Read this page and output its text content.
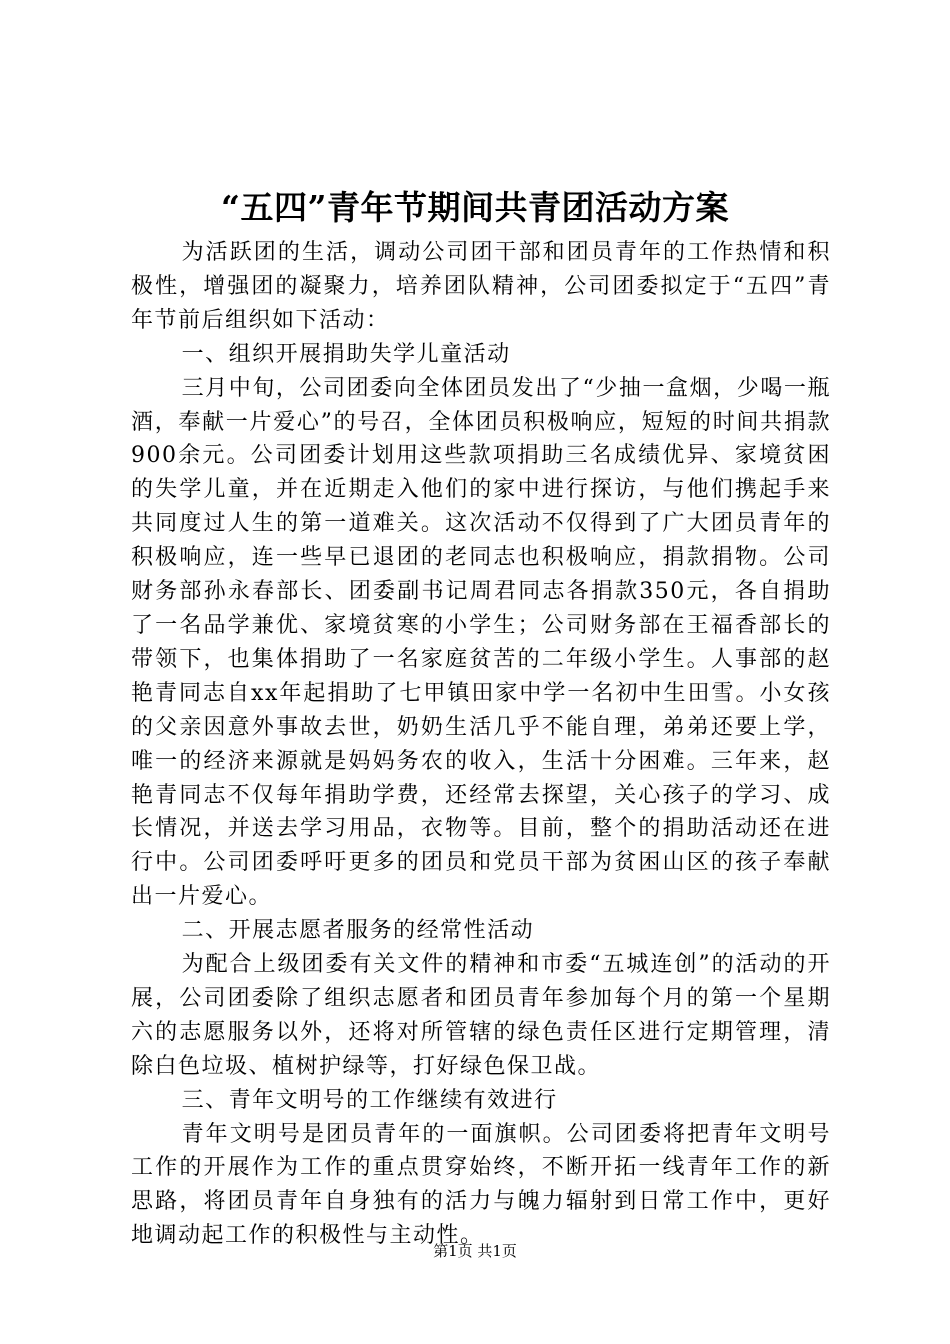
“五四”青年节期间共青团活动方案

为活跃团的生活，调动公司团干部和团员青年的工作热情和积极性，增强团的凝聚力，培养团队精神，公司团委拟定于“五四”青年节前后组织如下活动：

一、组织开展捐助失学儿童活动

三月中旬，公司团委向全体团员发出了“少抽一盒烟，少喝一瓶酒，奉献一片爱心”的号召，全体团员积极响应，短短的时间共捐款900余元。公司团委计划用这些款项捐助三名成绩优异、家境贫困的失学儿童，并在近期走入他们的家中进行探访，与他们携起手来共同度过人生的第一道难关。这次活动不仅得到了广大团员青年的积极响应，连一些早已退团的老同志也积极响应，捐款捐物。公司财务部孙永春部长、团委副书记周君同志各捐款350元，各自捐助了一名品学兼优、家境贫寒的小学生；公司财务部在王福香部长的带领下，也集体捐助了一名家庭贫苦的二年级小学生。人事部的赵艳青同志自xx年起捐助了七甲镇田家中学一名初中生田雪。小女孩的父亲因意外事故去世，奶奶生活几乎不能自理，弟弟还要上学，唯一的经济来源就是妈妈务农的收入，生活十分困难。三年来，赵艳青同志不仅每年捐助学费，还经常去探望，关心孩子的学习、成长情况，并送去学习用品，衣物等。目前，整个的捐助活动还在进行中。公司团委呼吁更多的团员和党员干部为贫困山区的孩子奉献出一片爱心。

二、开展志愿者服务的经常性活动

为配合上级团委有关文件的精神和市委“五城连创”的活动的开展，公司团委除了组织志愿者和团员青年参加每个月的第一个星期六的志愿服务以外，还将对所管辖的绿色责任区进行定期管理，清除白色垃圾、植树护绿等，打好绿色保卫战。

三、青年文明号的工作继续有效进行

青年文明号是团员青年的一面旗帜。公司团委将把青年文明号工作的开展作为工作的重点贯穿始终，不断开拓一线青年工作的新思路，将团员青年自身独有的活力与魄力辐射到日常工作中，更好地调动起工作的积极性与主动性。

第1页 共1页
